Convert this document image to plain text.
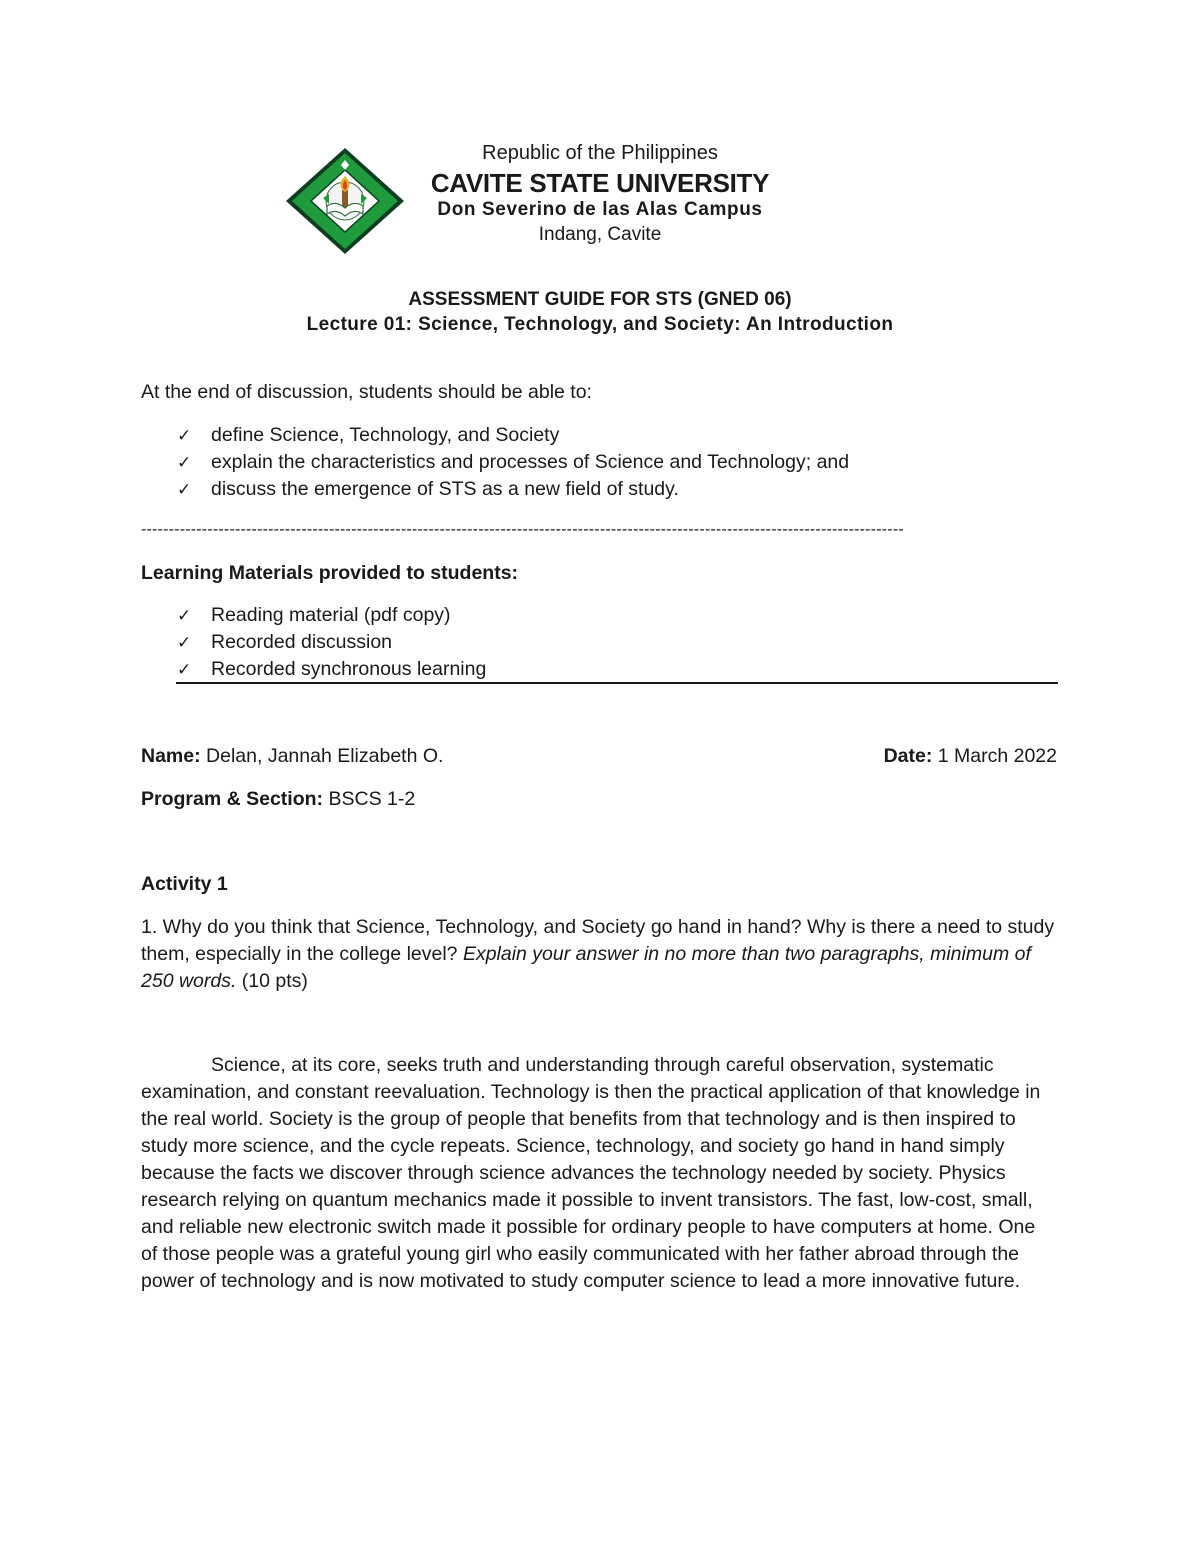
Republic of the Philippines
CAVITE STATE UNIVERSITY
Don Severino de las Alas Campus
Indang, Cavite
ASSESSMENT GUIDE FOR STS (GNED 06)
Lecture 01: Science, Technology, and Society: An Introduction
At the end of discussion, students should be able to:
✓ define Science, Technology, and Society
✓ explain the characteristics and processes of Science and Technology; and
✓ discuss the emergence of STS as a new field of study.
------------------------------------------------------------------------------------------------------------------------------------------
Learning Materials provided to students:
✓ Reading material (pdf copy)
✓ Recorded discussion
✓ Recorded synchronous learning
Name: Delan, Jannah Elizabeth O.	Date: 1 March 2022
Program & Section: BSCS 1-2
Activity 1

1. Why do you think that Science, Technology, and Society go hand in hand? Why is there a need to study them, especially in the college level? Explain your answer in no more than two paragraphs, minimum of 250 words. (10 pts)

Science, at its core, seeks truth and understanding through careful observation, systematic examination, and constant reevaluation. Technology is then the practical application of that knowledge in the real world. Society is the group of people that benefits from that technology and is then inspired to study more science, and the cycle repeats. Science, technology, and society go hand in hand simply because the facts we discover through science advances the technology needed by society. Physics research relying on quantum mechanics made it possible to invent transistors. The fast, low-cost, small, and reliable new electronic switch made it possible for ordinary people to have computers at home. One of those people was a grateful young girl who easily communicated with her father abroad through the power of technology and is now motivated to study computer science to lead a more innovative future.
